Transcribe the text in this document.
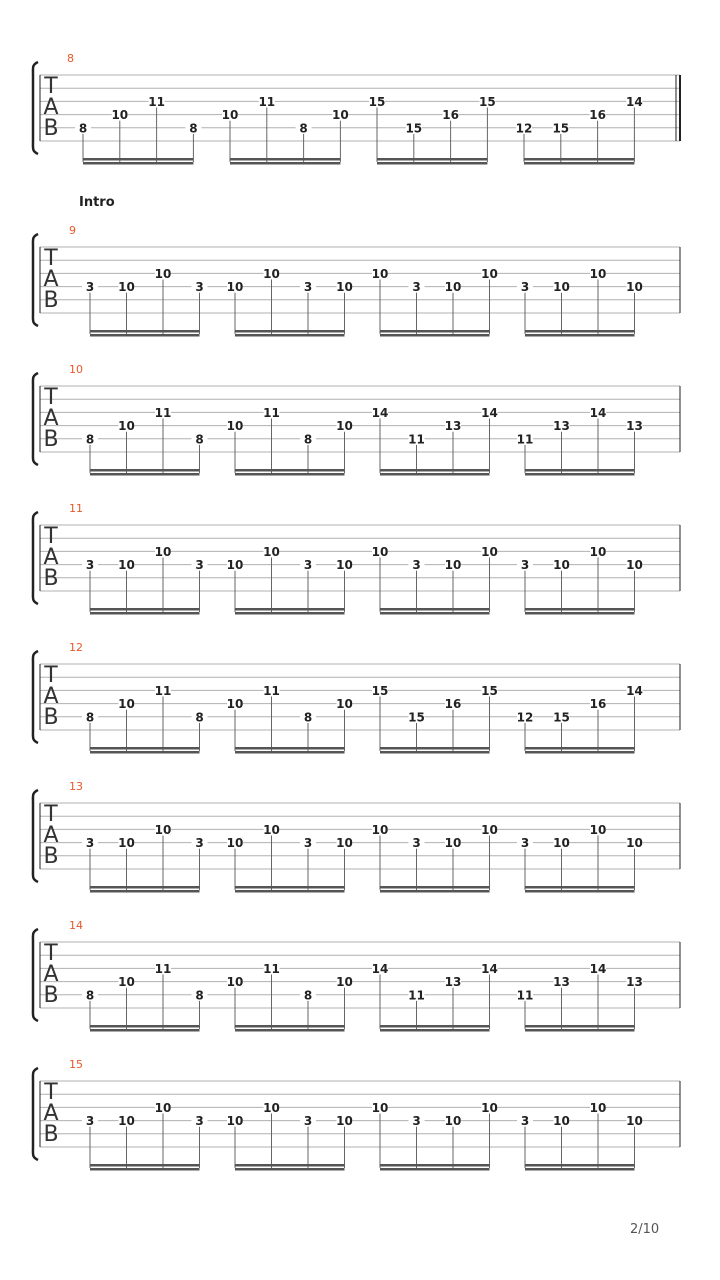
8
T
A
B 8
10
11
8
10
11
8
10
15
15
16
15
12 15
16
14
9
Intro
T
A
B
3 10
10
3 10
10
3 10
10
3 10
10
3 10
10
10
10
T
A
B 8
10
11
8
10
11
8
10
14
11
13
14
11
13
14
13
11
T
A
B
3 10
10
3 10
10
3 10
10
3 10
10
3 10
10
10
12
T
A
B 8
10
11
8
10
11
8
10
15
15
16
15
12 15
16
14
13
T
A
B
3 10
10
3 10
10
3 10
10
3 10
10
3 10
10
10
14
T
A
B 8
10
11
8
10
11
8
10
14
11
13
14
11
13
14
13
15
T
A
B
3 10
10
3 10
10
3 10
10
3 10
10
3 10
10
10
2/10
